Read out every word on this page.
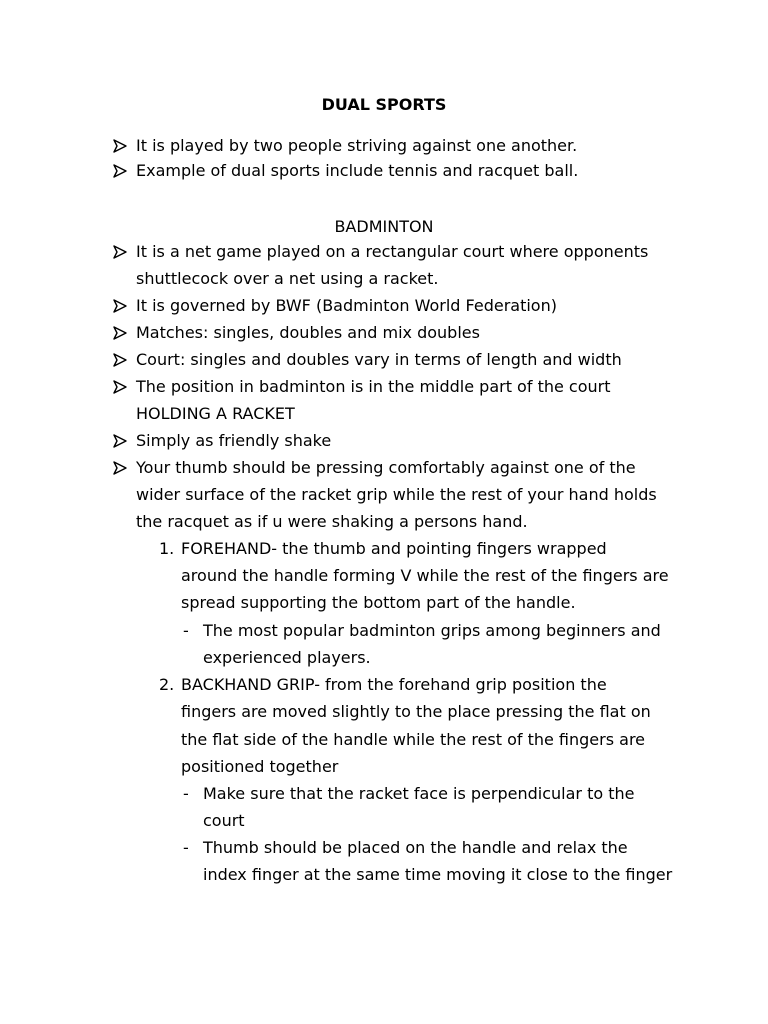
DUAL SPORTS
It is played by two people striving against one another.
Example of dual sports include tennis and racquet ball.
BADMINTON
It is a net game played on a rectangular court where opponents
shuttlecock over a net using a racket.
It is governed by BWF (Badminton World Federation)
Matches: singles, doubles and mix doubles
Court: singles and doubles vary in terms of length and width
The position in badminton is in the middle part of the court
HOLDING A RACKET
Simply as friendly shake
Your thumb should be pressing comfortably against one of the
wider surface of the racket grip while the rest of your hand holds
the racquet as if u were shaking a persons hand.
1. FOREHAND- the thumb and pointing fingers wrapped
around the handle forming V while the rest of the fingers are
spread supporting the bottom part of the handle.
- The most popular badminton grips among beginners and
experienced players.
2. BACKHAND GRIP- from the forehand grip position the
fingers are moved slightly to the place pressing the flat on
the flat side of the handle while the rest of the fingers are
positioned together
- Make sure that the racket face is perpendicular to the
court
- Thumb should be placed on the handle and relax the
index finger at the same time moving it close to the finger
